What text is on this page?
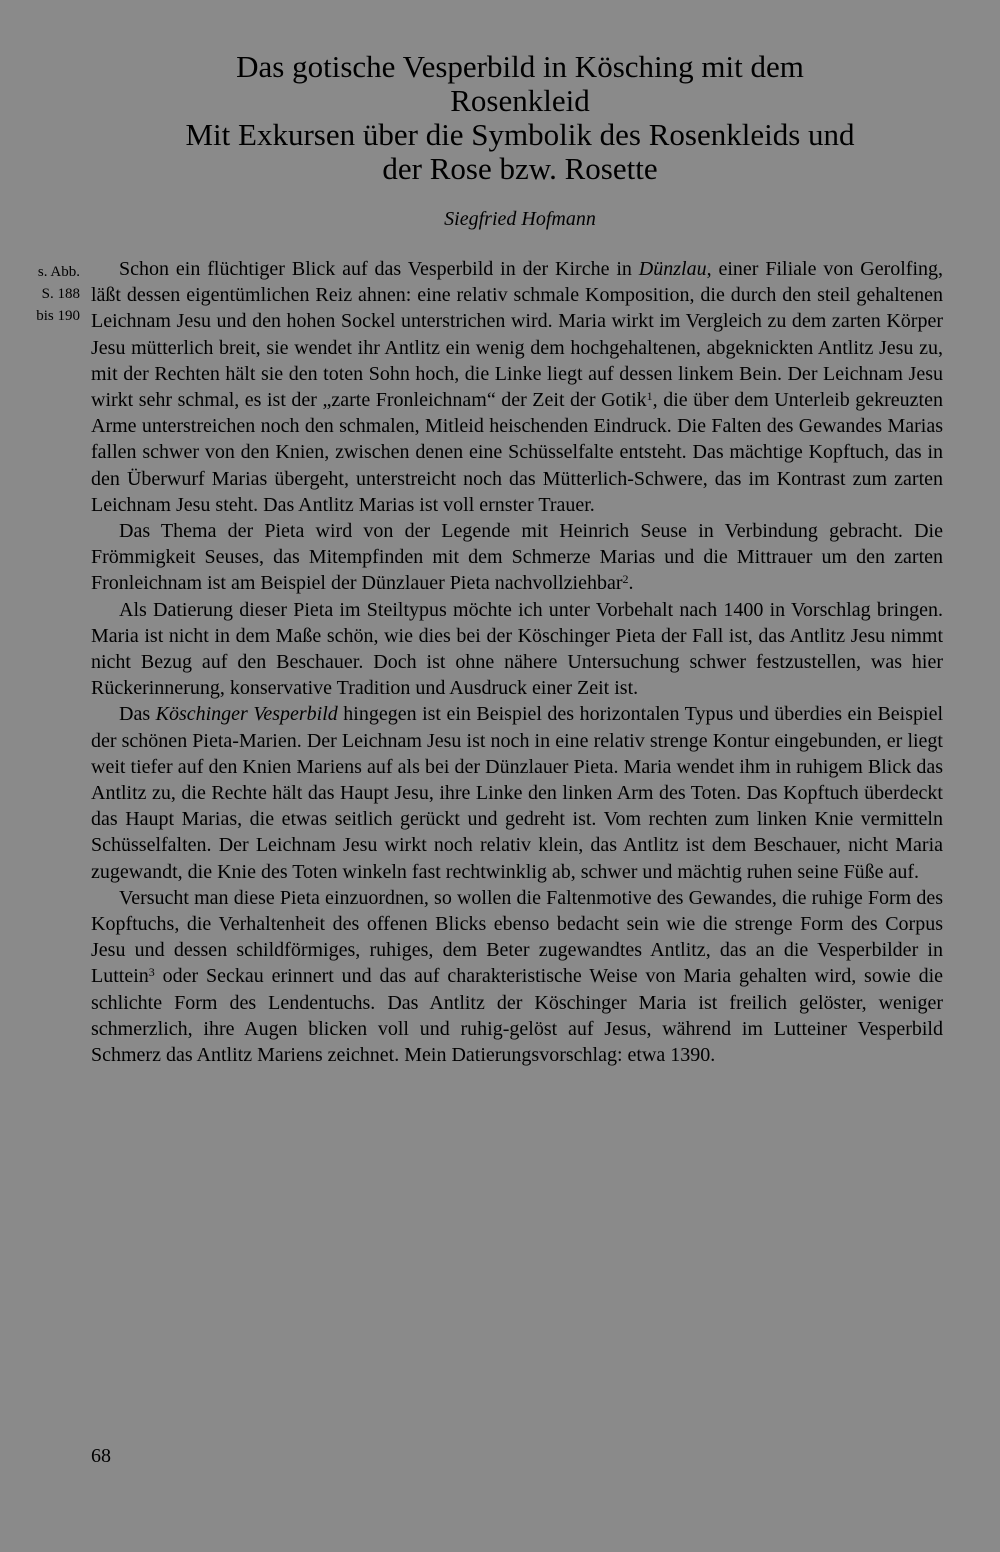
Das gotische Vesperbild in Kösching mit dem
Rosenkleid
Mit Exkursen über die Symbolik des Rosenkleids und
der Rose bzw. Rosette
Siegfried Hofmann
s. Abb.
S. 188
bis 190

Schon ein flüchtiger Blick auf das Vesperbild in der Kirche in Dünzlau, einer Filiale von Gerolfing, läßt dessen eigentümlichen Reiz ahnen: eine relativ schmale Komposition, die durch den steil gehaltenen Leichnam Jesu und den hohen Sockel unterstrichen wird. Maria wirkt im Vergleich zu dem zarten Körper Jesu mütterlich breit, sie wendet ihr Antlitz ein wenig dem hochgehaltenen, abgeknickten Antlitz Jesu zu, mit der Rechten hält sie den toten Sohn hoch, die Linke liegt auf dessen linkem Bein. Der Leichnam Jesu wirkt sehr schmal, es ist der „zarte Fronleichnam“ der Zeit der Gotik$^1$, die über dem Unterleib gekreuzten Arme unterstreichen noch den schmalen, Mitleid heischenden Eindruck. Die Falten des Gewandes Marias fallen schwer von den Knien, zwischen denen eine Schüsselfalte entsteht. Das mächtige Kopftuch, das in den Überwurf Marias übergeht, unterstreicht noch das Mütterlich-Schwere, das im Kontrast zum zarten Leichnam Jesu steht. Das Antlitz Marias ist voll ernster Trauer.

Das Thema der Pieta wird von der Legende mit Heinrich Seuse in Verbindung gebracht. Die Frömmigkeit Seuses, das Mitempfinden mit dem Schmerze Marias und die Mittrauer um den zarten Fronleichnam ist am Beispiel der Dünzlauer Pieta nachvollziehbar$^2$.

Als Datierung dieser Pieta im Steiltypus möchte ich unter Vorbehalt nach 1400 in Vorschlag bringen. Maria ist nicht in dem Maße schön, wie dies bei der Köschinger Pieta der Fall ist, das Antlitz Jesu nimmt nicht Bezug auf den Beschauer. Doch ist ohne nähere Untersuchung schwer festzustellen, was hier Rückerinnerung, konservative Tradition und Ausdruck einer Zeit ist.

Das Köschinger Vesperbild hingegen ist ein Beispiel des horizontalen Typus und überdies ein Beispiel der schönen Pieta-Marien. Der Leichnam Jesu ist noch in eine relativ strenge Kontur eingebunden, er liegt weit tiefer auf den Knien Mariens auf als bei der Dünzlauer Pieta. Maria wendet ihm in ruhigem Blick das Antlitz zu, die Rechte hält das Haupt Jesu, ihre Linke den linken Arm des Toten. Das Kopftuch überdeckt das Haupt Marias, die etwas seitlich gerückt und gedreht ist. Vom rechten zum linken Knie vermitteln Schüsselfalten. Der Leichnam Jesu wirkt noch relativ klein, das Antlitz ist dem Beschauer, nicht Maria zugewandt, die Knie des Toten winkeln fast rechtwinklig ab, schwer und mächtig ruhen seine Füße auf.

Versucht man diese Pieta einzuordnen, so wollen die Faltenmotive des Gewandes, die ruhige Form des Kopftuchs, die Verhaltenheit des offenen Blicks ebenso bedacht sein wie die strenge Form des Corpus Jesu und dessen schildförmiges, ruhiges, dem Beter zugewandtes Antlitz, das an die Vesperbilder in Luttein$^3$ oder Seckau erinnert und das auf charakteristische Weise von Maria gehalten wird, sowie die schlichte Form des Lendentuchs. Das Antlitz der Köschinger Maria ist freilich gelöster, weniger schmerzlich, ihre Augen blicken voll und ruhig-gelöst auf Jesus, während im Lutteiner Vesperbild Schmerz das Antlitz Mariens zeichnet. Mein Datierungsvorschlag: etwa 1390.

68
